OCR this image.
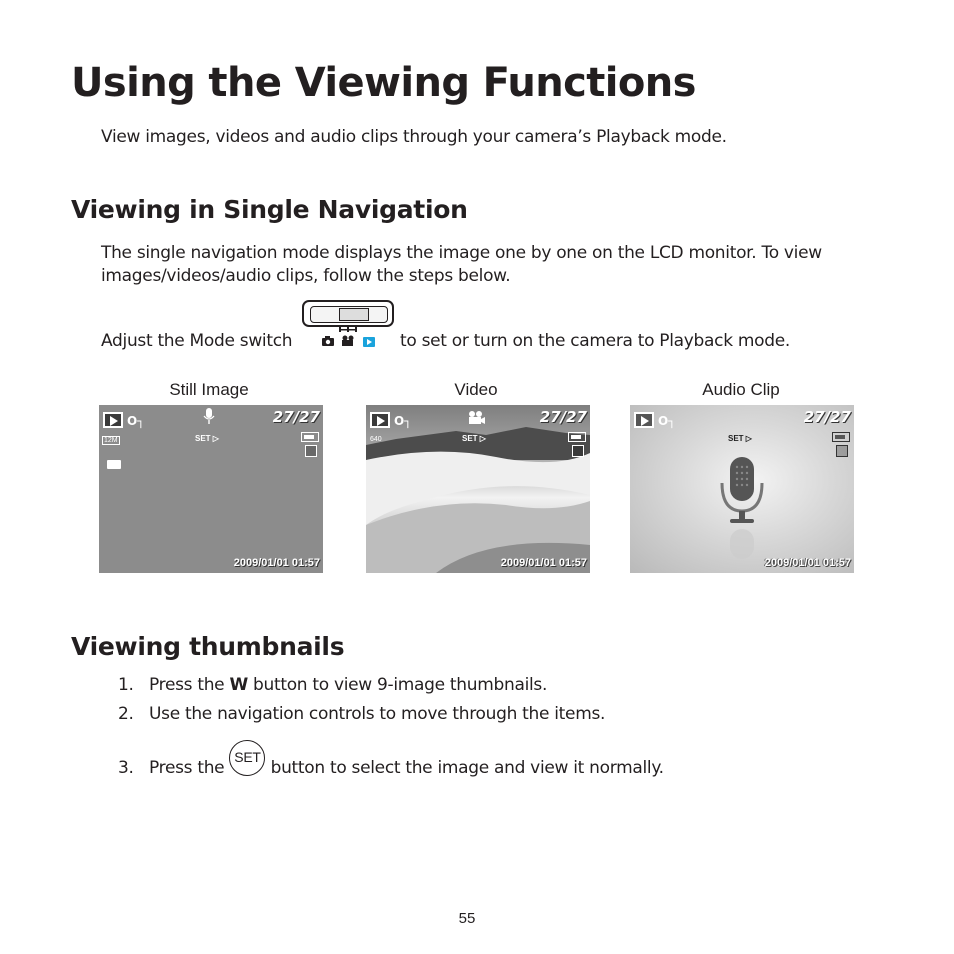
Using the Viewing Functions

View images, videos and audio clips through your camera’s Playback mode.

Viewing in Single Navigation

The single navigation mode displays the image one by one on the LCD monitor. To view

images/videos/audio clips, follow the steps below.

Adjust the Mode switch	to set or turn on the camera to Playback mode.

Still Image	Video	Audio Clip
O┐	27/27
12M	SET ▷
2009/01/01 01:57
O┐	27/27
640	SET ▷
2009/01/01 01:57
O┐	27/27
SET ▷
2009/01/01 01:57
Viewing thumbnails
1. Press the W button to view 9-image thumbnails.
2. Use the navigation controls to move through the items.
3. Press the SET button to select the image and view it normally.
55
